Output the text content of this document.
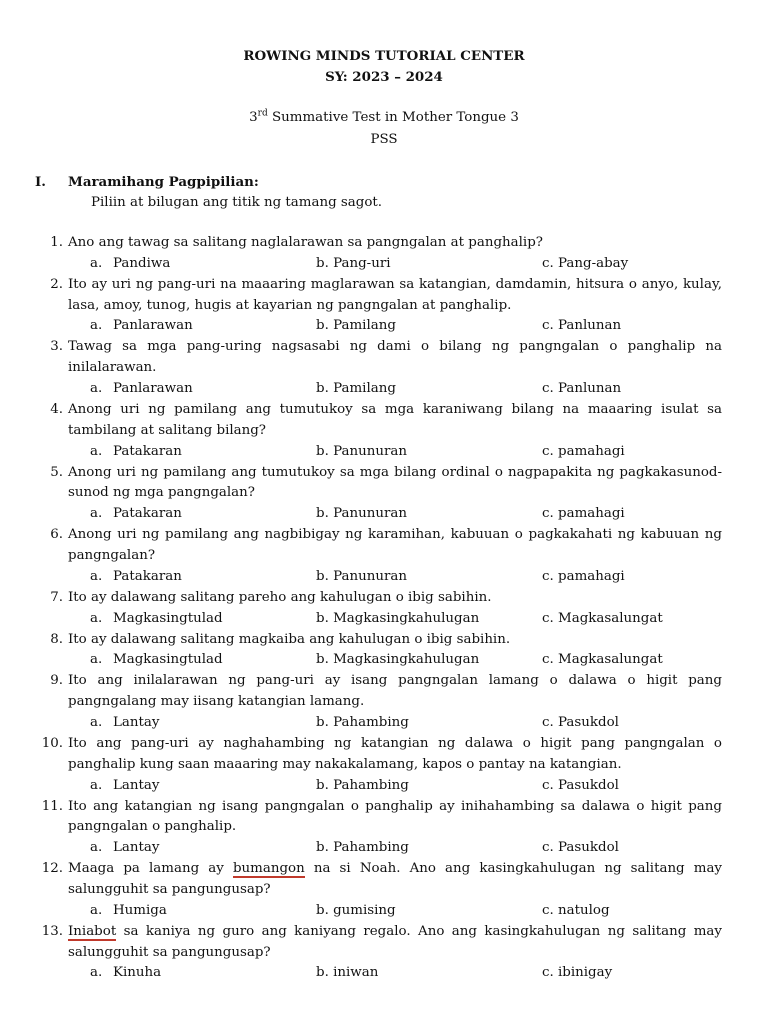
ROWING MINDS TUTORIAL CENTER
SY: 2023 – 2024
3rd Summative Test in Mother Tongue 3
PSS
I. Maramihang Pagpipilian:
Piliin at bilugan ang titik ng tamang sagot.
1. Ano ang tawag sa salitang naglalarawan sa pangngalan at panghalip?
a. Pandiwa	b. Pang-uri	c. Pang-abay
2. Ito ay uri ng pang-uri na maaaring maglarawan sa katangian, damdamin, hitsura o anyo, kulay, lasa, amoy, tunog, hugis at kayarian ng pangngalan at panghalip.
a. Panlarawan	b. Pamilang	c. Panlunan
3. Tawag sa mga pang-uring nagsasabi ng dami o bilang ng pangngalan o panghalip na inilalarawan.
a. Panlarawan	b. Pamilang	c. Panlunan
4. Anong uri ng pamilang ang tumutukoy sa mga karaniwang bilang na maaaring isulat sa tambilang at salitang bilang?
a. Patakaran	b. Panunuran	c. pamahagi
5. Anong uri ng pamilang ang tumutukoy sa mga bilang ordinal o nagpapakita ng pagkakasunod-sunod ng mga pangngalan?
a. Patakaran	b. Panunuran	c. pamahagi
6. Anong uri ng pamilang ang nagbibigay ng karamihan, kabuuan o pagkakahati ng kabuuan ng pangngalan?
a. Patakaran	b. Panunuran	c. pamahagi
7. Ito ay dalawang salitang pareho ang kahulugan o ibig sabihin.
a. Magkasingtulad	b. Magkasingkahulugan	c. Magkasalungat
8. Ito ay dalawang salitang magkaiba ang kahulugan o ibig sabihin.
a. Magkasingtulad	b. Magkasingkahulugan	c. Magkasalungat
9. Ito ang inilalarawan ng pang-uri ay isang pangngalan lamang o dalawa o higit pang pangngalang may iisang katangian lamang.
a. Lantay	b. Pahambing	c. Pasukdol
10. Ito ang pang-uri ay naghahambing ng katangian ng dalawa o higit pang pangngalan o panghalip kung saan maaaring may nakakalamang, kapos o pantay na katangian.
a. Lantay	b. Pahambing	c. Pasukdol
11. Ito ang katangian ng isang pangngalan o panghalip ay inihahambing sa dalawa o higit pang pangngalan o panghalip.
a. Lantay	b. Pahambing	c. Pasukdol
12. Maaga pa lamang ay bumangon na si Noah. Ano ang kasingkahulugan ng salitang may salungguhit sa pangungusap?
a. Humiga	b. gumising	c. natulog
13. Iniabot sa kaniya ng guro ang kaniyang regalo. Ano ang kasingkahulugan ng salitang may salungguhit sa pangungusap?
a. Kinuha	b. iniwan	c. ibinigay
